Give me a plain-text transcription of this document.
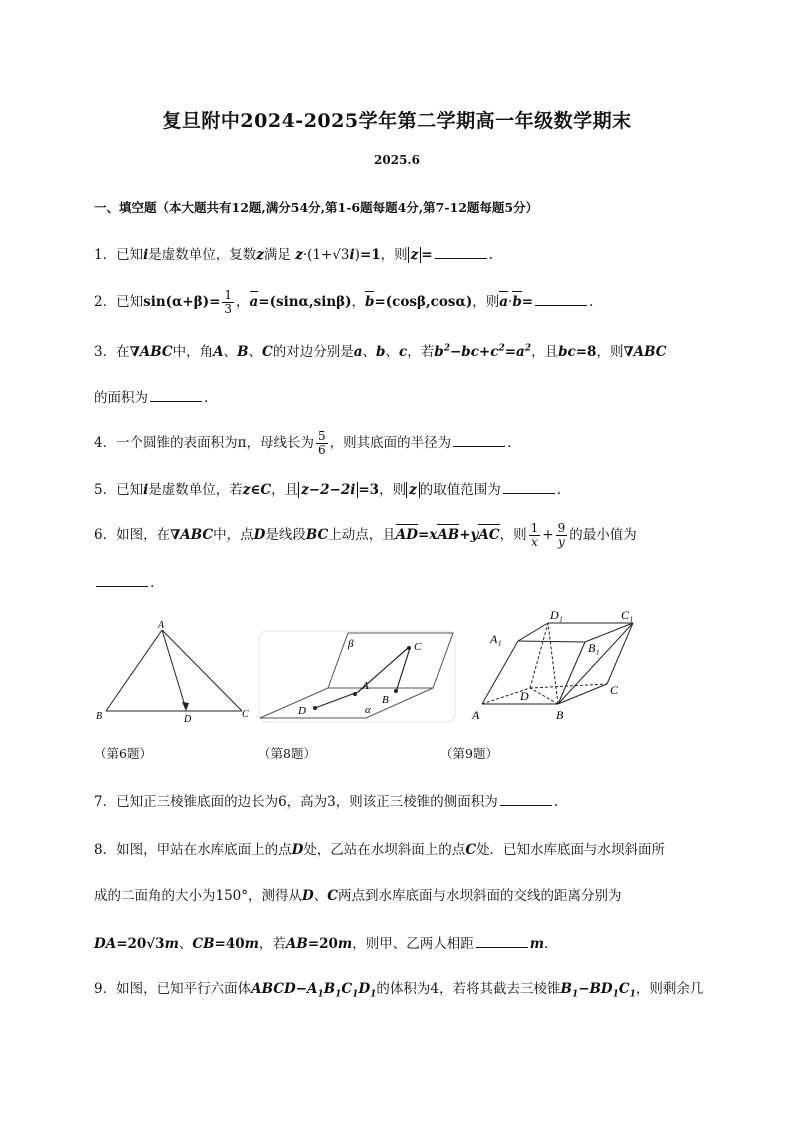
复旦附中2024-2025学年第二学期高一年级数学期末
2025.6
一、填空题（本大题共有12题,满分54分,第1-6题每题4分,第7-12题每题5分）
1．已知i是虚数单位，复数z满足 z·(1+√3i)=1，则 z =	.
2．已知$\sin(\alpha+\beta)= \frac{1}{3}$ ，a=(sinα,sinβ)，b=(cosβ,cosα)，则a·b=	.
3．在∇ABC中，角A、B、C的对边分别是a、b、c，若$b^2-bc+c^2=a^2$，且bc=8，则∇ABC
的面积为	.
4．一个圆锥的表面积为π，母线长为 $\frac{5}{6}$ ，则其底面的半径为	.
5．已知i是虚数单位，若z∈C，且 z−2−2i =3，则 z 的取值范围为	.
6．如图，在∇ABC中，点D是线段BC上动点，且AD=xAB+yAC，则 $\frac{1}{x} + \frac{9}{y}$ 的最小值为
.
A
B	C
D
β
α
A
B
C
D	A	B
C
D
A₁
B₁
C₁
D₁
（第6题）	（第8题）	（第9题）
7．已知正三棱锥底面的边长为6，高为3，则该正三棱锥的侧面积为	.
8．如图，甲站在水库底面上的点D处，乙站在水坝斜面上的点C处．已知水库底面与水坝斜面所
成的二面角的大小为150°，测得从D、C两点到水库底面与水坝斜面的交线的距离分别为
DA=20√3m、CB=40m，若AB=20m，则甲、乙两人相距	m.
9．如图，已知平行六面体$ABCD-A_1B_1C_1D_1$的体积为4，若将其截去三棱锥$B_1-BD_1C_1$，则剩余几
